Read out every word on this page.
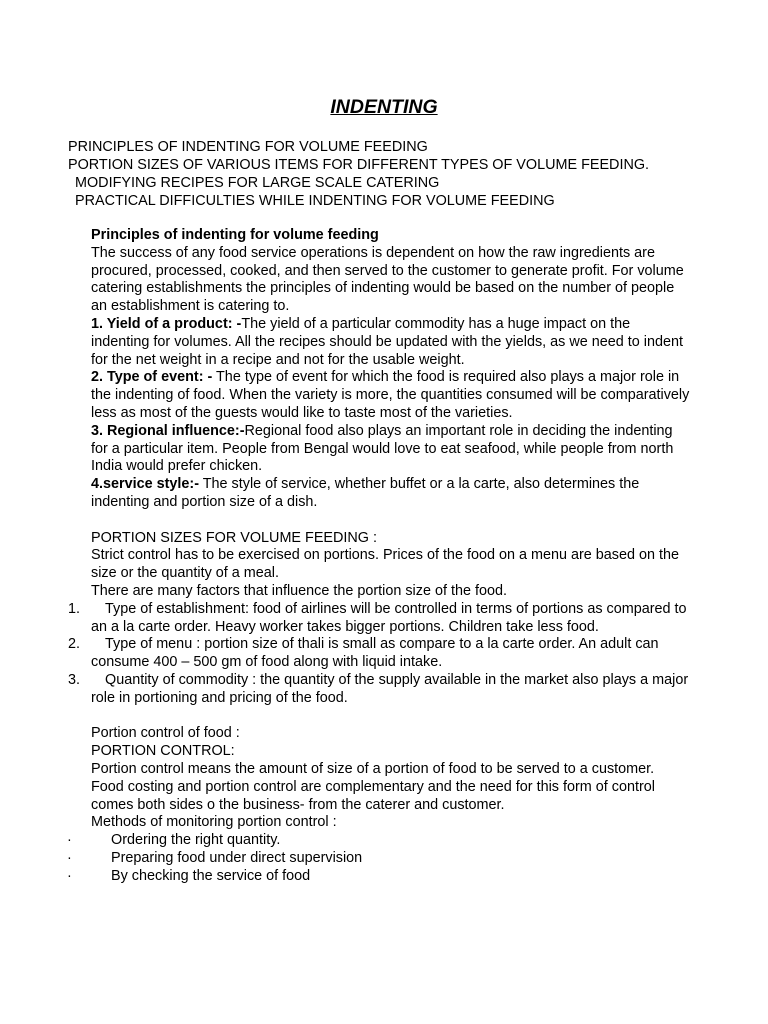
INDENTING
PRINCIPLES OF INDENTING FOR VOLUME FEEDING
PORTION SIZES OF VARIOUS ITEMS FOR DIFFERENT TYPES OF VOLUME FEEDING.
MODIFYING RECIPES FOR LARGE SCALE CATERING
PRACTICAL DIFFICULTIES WHILE INDENTING FOR VOLUME FEEDING

Principles of indenting for volume feeding

The success of any food service operations is dependent on how the raw ingredients are procured, processed, cooked, and then served to the customer to generate profit. For volume catering establishments the principles of indenting would be based on the number of people an establishment is catering to.

1. Yield of a product: -The yield of a particular commodity has a huge impact on the indenting for volumes. All the recipes should be updated with the yields, as we need to indent for the net weight in a recipe and not for the usable weight.

2. Type of event: - The type of event for which the food is required also plays a major role in the indenting of food. When the variety is more, the quantities consumed will be comparatively less as most of the guests would like to taste most of the varieties.

3. Regional influence:-Regional food also plays an important role in deciding the indenting for a particular item. People from Bengal would love to eat seafood, while people from north India would prefer chicken.

4.service style:- The style of service, whether buffet or a la carte, also determines the indenting and portion size of a dish.

PORTION SIZES FOR VOLUME FEEDING :

Strict control has to be exercised on portions. Prices of the food on a menu are based on the size or the quantity of a meal.

There are many factors that influence the portion size of the food.

1. Type of establishment: food of airlines will be controlled in terms of portions as compared to an a la carte order. Heavy worker takes bigger portions. Children take less food.
2. Type of menu : portion size of thali is small as compare to a la carte order. An adult can consume 400 – 500 gm of food along with liquid intake.
3. Quantity of commodity : the quantity of the supply available in the market also plays a major role in portioning and pricing of the food.

Portion control of food :

PORTION CONTROL:

Portion control means the amount of size of a portion of food to be served to a customer.

Food costing and portion control are complementary and the need for this form of control comes both sides o the business- from the caterer and customer.

Methods of monitoring portion control :

·	Ordering the right quantity.
·	Preparing food under direct supervision
·	By checking the service of food
